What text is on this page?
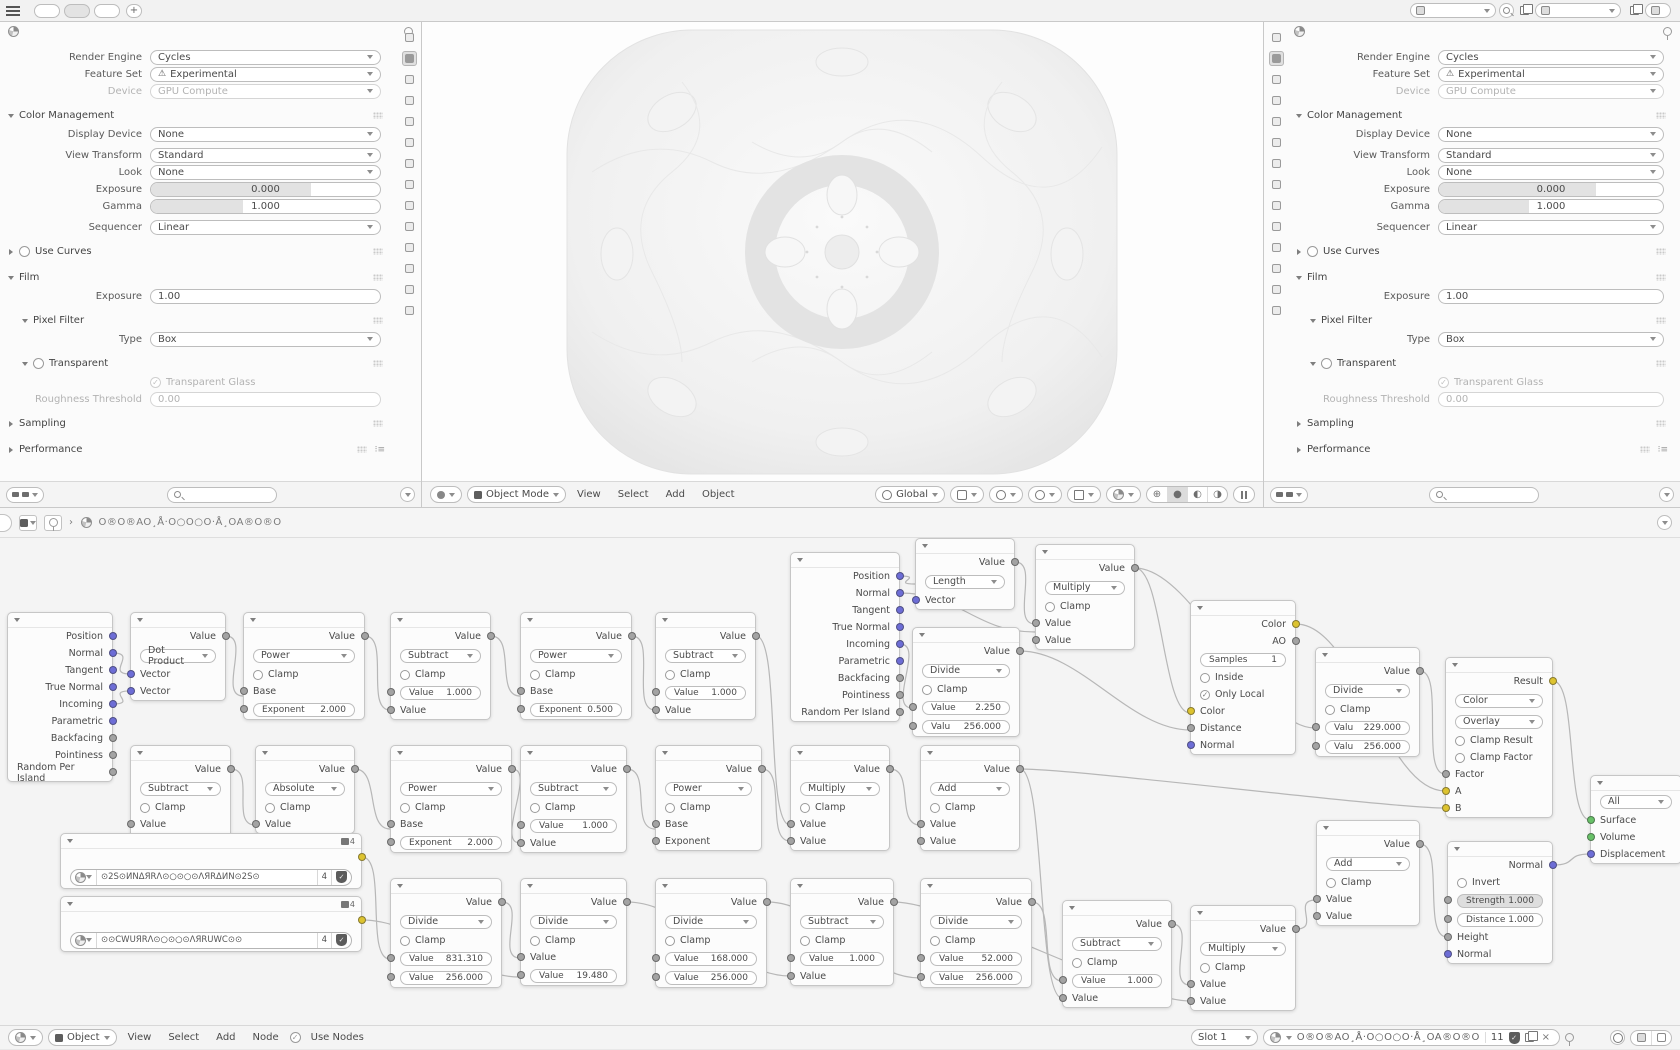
+
Render Engine	Cycles
Feature Set	⚠ Experimental
Device	GPU Compute
Color Management
Display Device	None
View Transform	Standard
Look	None
Exposure	0.000
Gamma	1.000
Sequencer	Linear
Use Curves
Film
Exposure	1.00
Pixel Filter
Type	Box
Transparent
✓ Transparent Glass
Roughness Threshold	0.00
Sampling
Performance	⁝≡
Object Mode	View	Select	Add	Object	Global	⊕	●	◐	◑
Render Engine	Cycles
Feature Set	⚠ Experimental
Device	GPU Compute
Color Management
Display Device	None
View Transform	Standard
Look	None
Exposure	0.000
Gamma	1.000
Sequencer	Linear
Use Curves
Film
Exposure	1.00
Pixel Filter
Type	Box
Transparent
✓ Transparent Glass
Roughness Threshold	0.00
Sampling
Performance	⁝≡
›	O®O®AO¸Å·O○O○O·Å¸OA®O®O
Position
Normal
Tangent
True Normal
Incoming
Parametric
Backfacing
Pointiness
Random Per Island
Value
Dot Product
Vector
Vector
Value
Power
Clamp
Base
Exponent 2.000
Value
Subtract
Clamp
Value 1.000
Value
Value
Power
Clamp
Base
Exponent 0.500
Value
Subtract
Clamp
Value 1.000
Value
Value
Subtract
Clamp
Value
Value
Absolute
Clamp
Value
Value
Power
Clamp
Base
Exponent 2.000
Value
Subtract
Clamp
Value 1.000
Value
Value
Power
Clamp
Base
Exponent
Value
Multiply
Clamp
Value
Value
Value
Add
Clamp
Value
Value
4
⊙2S⊙ИNΔЯRΛ⊙○⊙○⊙ΛЯRΔИN⊙2S⊙	4	✓
4
⊙⊙CWUЯRΛ⊙○⊙○⊙ΛЯRUWC⊙⊙	4	✓
Value
Divide
Clamp
Value 831.310
Value 256.000
Value
Divide
Clamp
Value
Value 19.480
Value
Divide
Clamp
Value 168.000
Value 256.000
Value
Subtract
Clamp
Value 1.000
Value
Value
Divide
Clamp
Value 52.000
Value 256.000
Position
Normal
Tangent
True Normal
Incoming
Parametric
Backfacing
Pointiness
Random Per Island
Value
Length
Vector
Value
Multiply
Clamp
Value
Value
Value
Divide
Clamp
Value 2.250
Valu 256.000
Color
AO
Samples	1
Inside
✓ Only Local
Color
Distance
Normal
Value
Divide
Clamp
Valu 229.000
Valu 256.000
Result
Color
Overlay
Clamp Result
Clamp Factor
Factor
A
B
All
Surface
Volume
Displacement
Value
Add
Clamp
Value
Value
Normal
Invert
Strength 1.000
Distance 1.000
Height
Normal
Value
Subtract
Clamp
Value 1.000
Value
Value
Multiply
Clamp
Value
Value
Object	View	Select	Add	Node	✓ Use Nodes	Slot 1	O®O®AO¸Å·O○O○O·Å¸OA®O®O	11	✓	×
